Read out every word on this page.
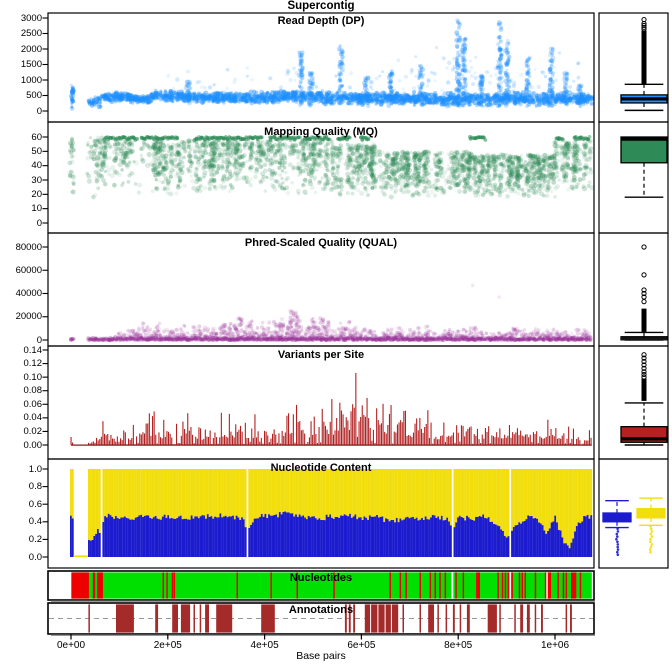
Supercontig
Read Depth (DP)
Mapping Quality (MQ)
Phred-Scaled Quality (QUAL)
Variants per Site
Nucleotide Content
Nucleotides
Annotations
Base pairs
0
500
1000
1500
2000
2500
3000
0
10
20
30
40
50
60
0
20000
40000
60000
80000
0.00
0.02
0.04
0.06
0.08
0.10
0.12
0.14
0.0
0.2
0.4
0.6
0.8
1.0
0e+00	2e+05	4e+05	6e+05	8e+05	1e+06
